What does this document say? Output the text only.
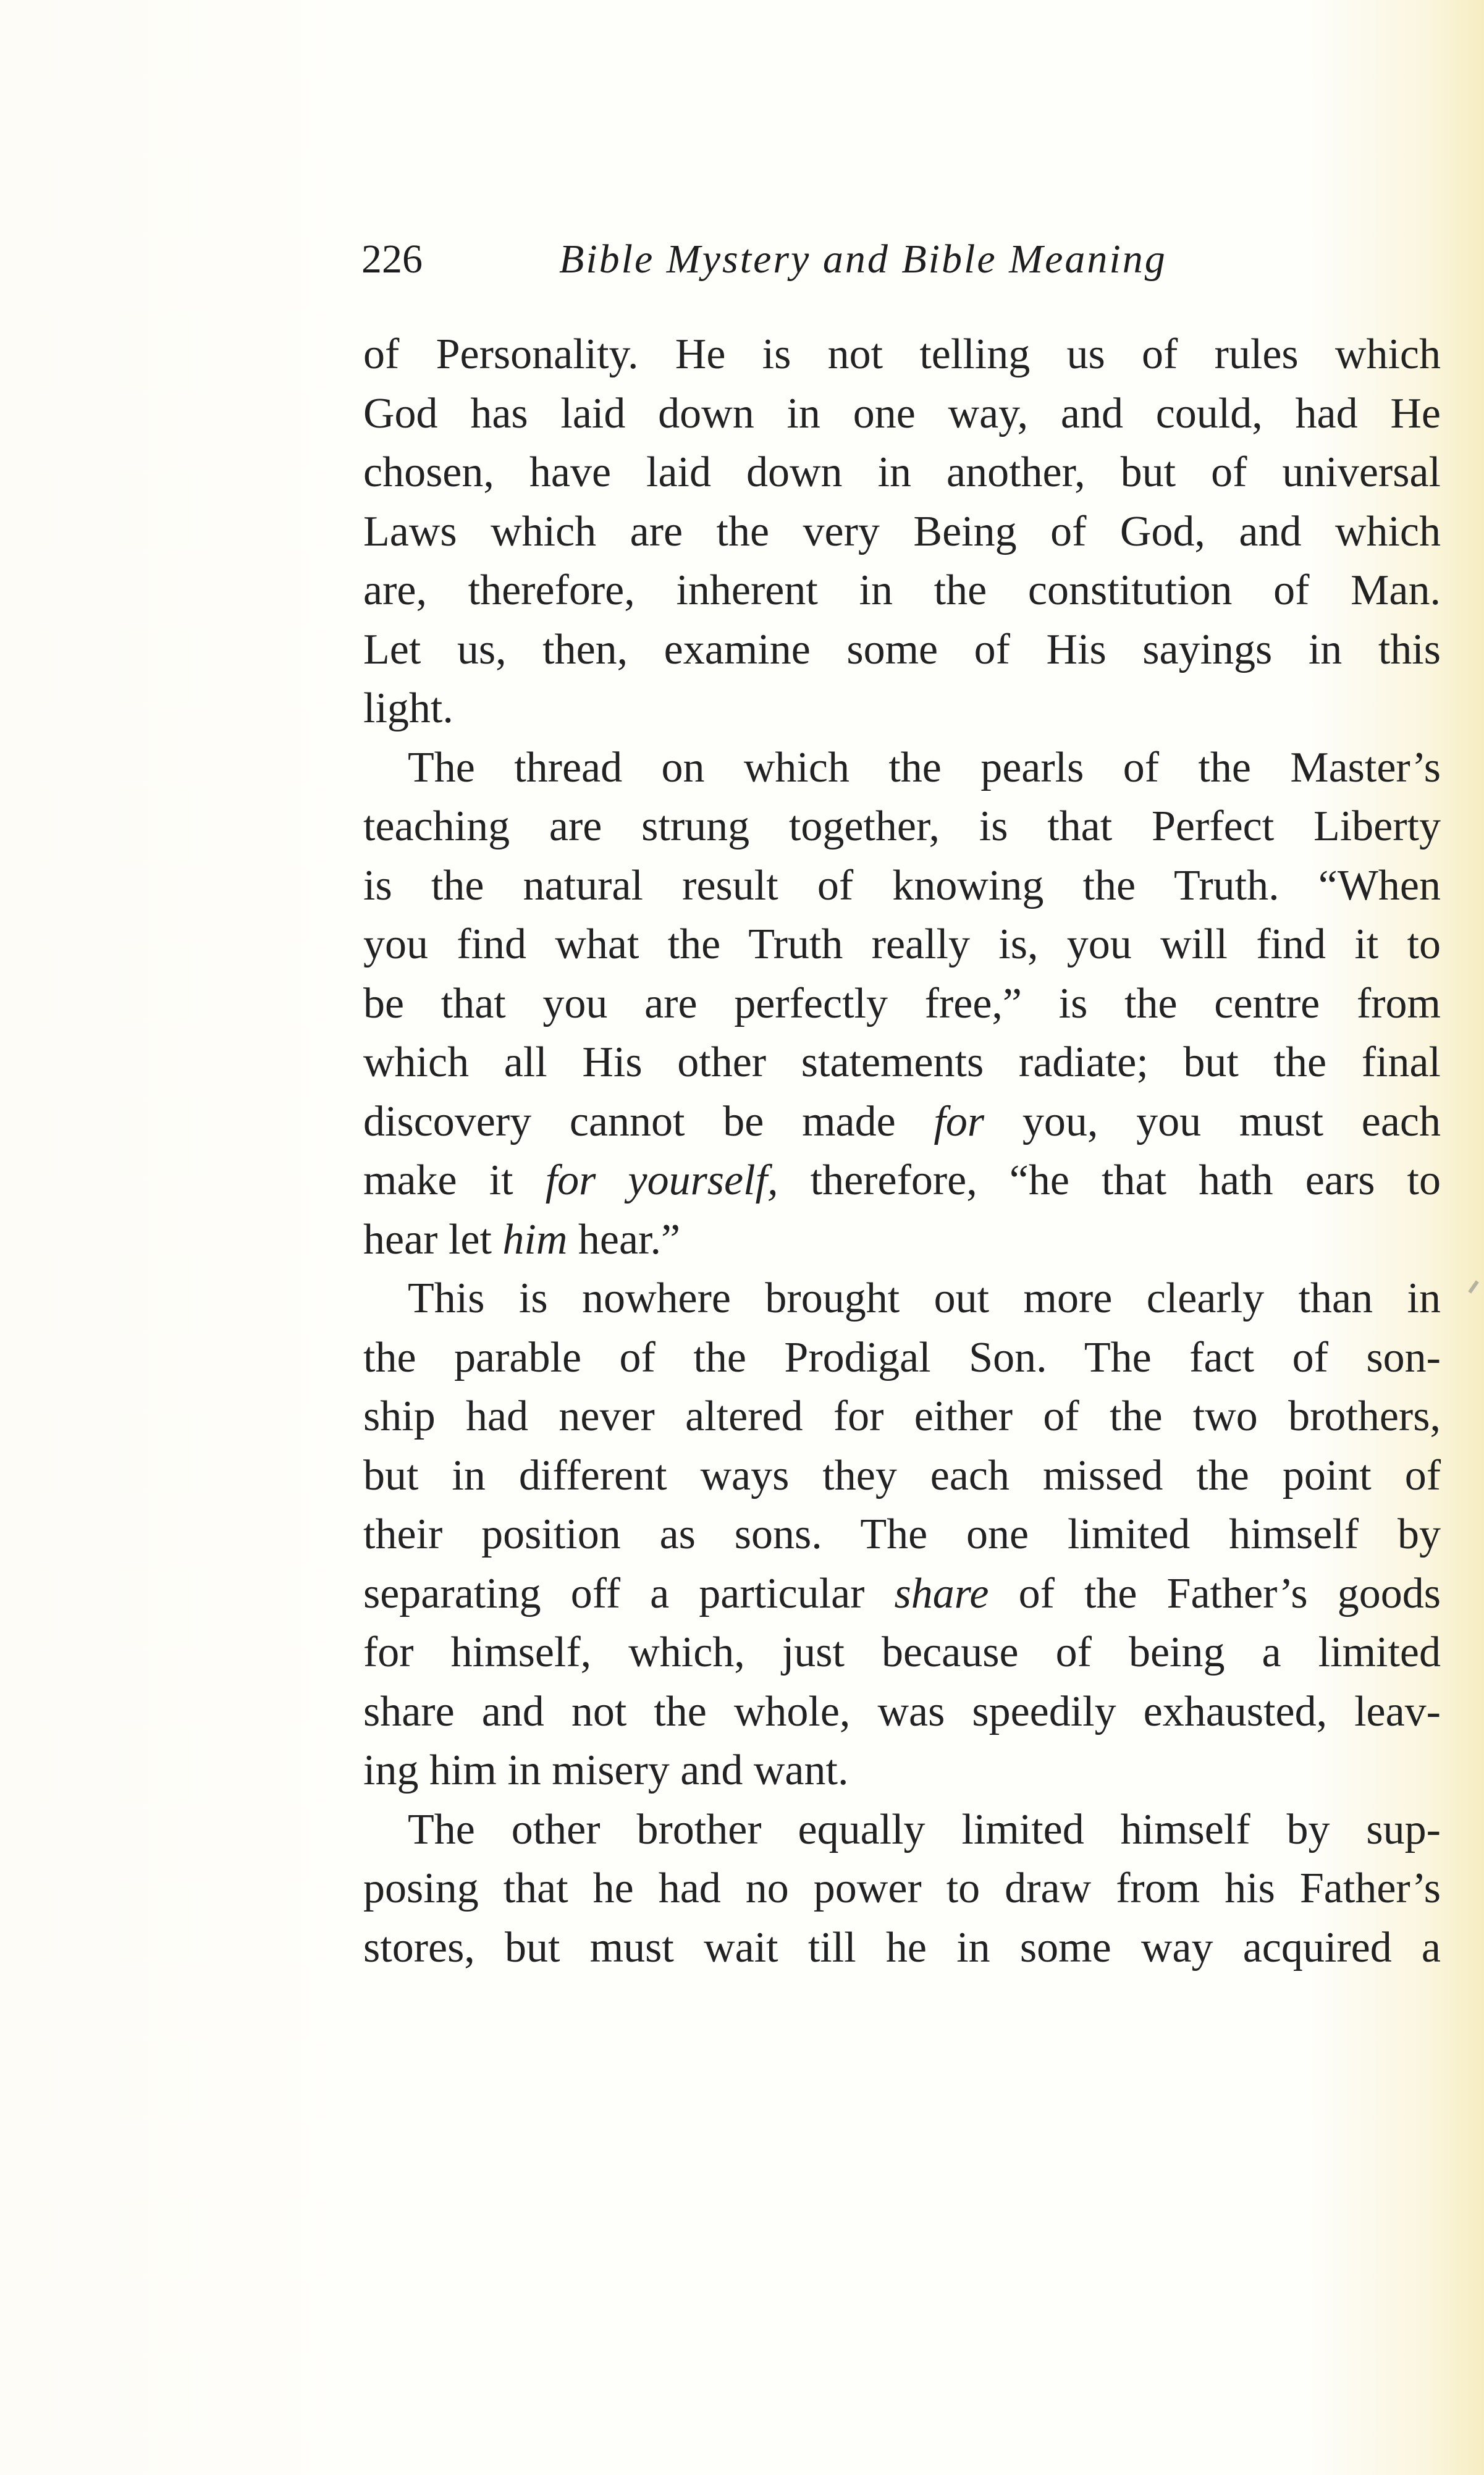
226	Bible Mystery and Bible Meaning
of Personality. He is not telling us of rules which
God has laid down in one way, and could, had He
chosen, have laid down in another, but of universal
Laws which are the very Being of God, and which
are, therefore, inherent in the constitution of Man.
Let us, then, examine some of His sayings in this
light.
The thread on which the pearls of the Master’s
teaching are strung together, is that Perfect Liberty
is the natural result of knowing the Truth. “When
you find what the Truth really is, you will find it to
be that you are perfectly free,” is the centre from
which all His other statements radiate; but the final
discovery cannot be made for you, you must each
make it for yourself, therefore, “he that hath ears to
hear let him hear.”
This is nowhere brought out more clearly than in
the parable of the Prodigal Son. The fact of son-
ship had never altered for either of the two brothers,
but in different ways they each missed the point of
their position as sons. The one limited himself by
separating off a particular share of the Father’s goods
for himself, which, just because of being a limited
share and not the whole, was speedily exhausted, leav-
ing him in misery and want.
The other brother equally limited himself by sup-
posing that he had no power to draw from his Father’s
stores, but must wait till he in some way acquired a
